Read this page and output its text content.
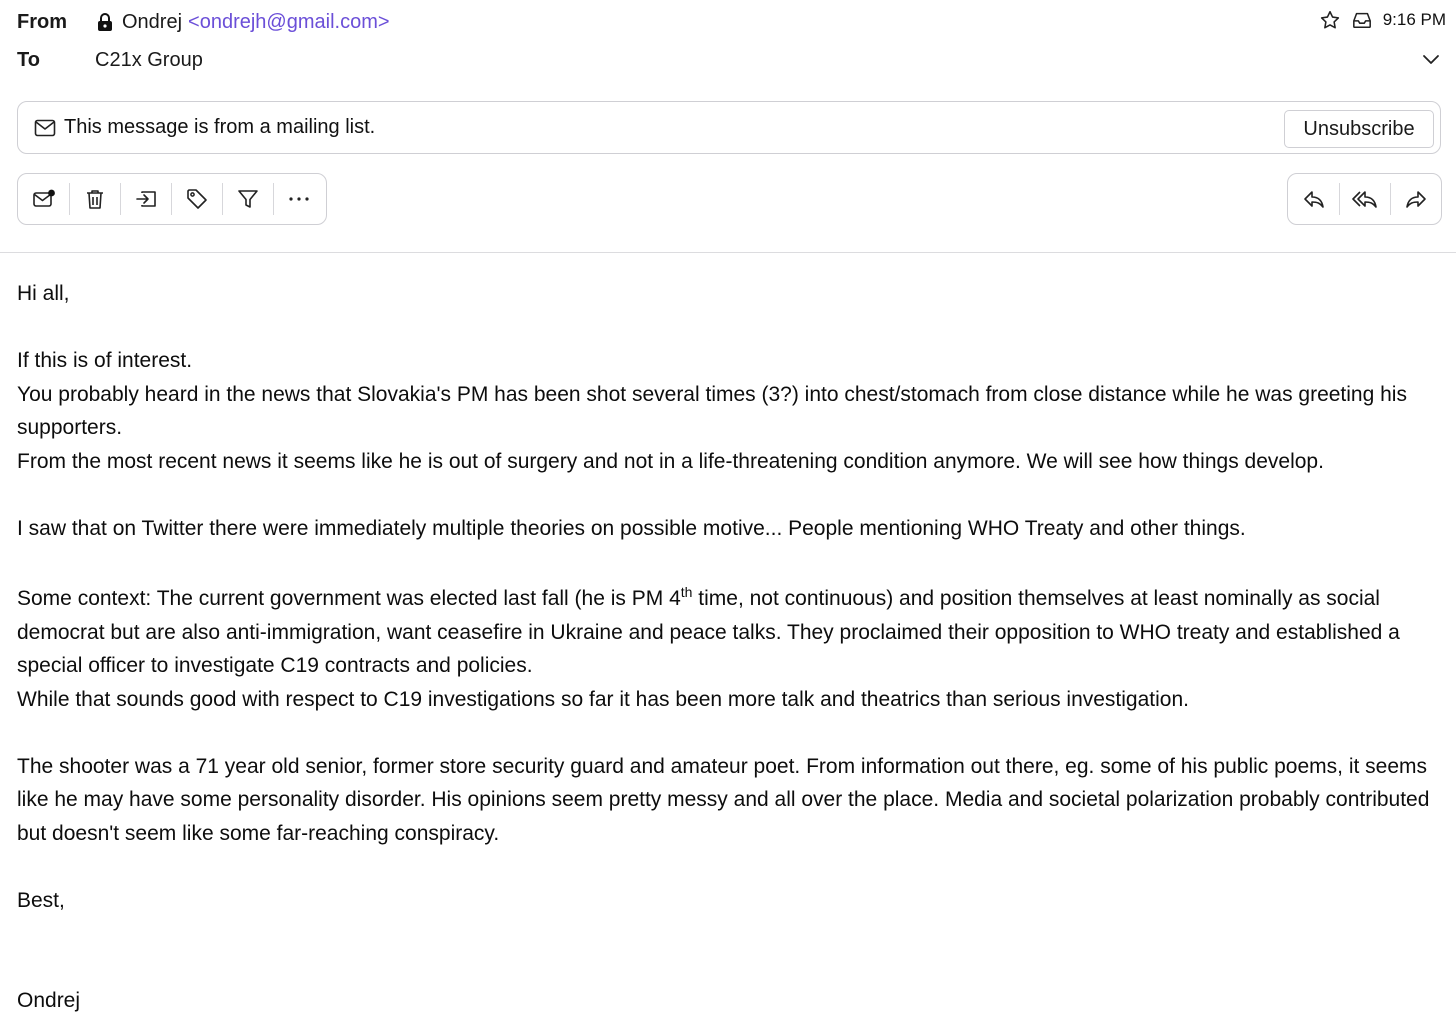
From	Ondrej <ondrejh@gmail.com>
To	C21x Group
9:16 PM
This message is from a mailing list.	Unsubscribe

Hi all,

If this is of interest.

You probably heard in the news that Slovakia's PM has been shot several times (3?) into chest/stomach from close distance while he was greeting his supporters.

From the most recent news it seems like he is out of surgery and not in a life-threatening condition anymore. We will see how things develop.

I saw that on Twitter there were immediately multiple theories on possible motive... People mentioning WHO Treaty and other things.

Some context: The current government was elected last fall (he is PM 4th time, not continuous) and position themselves at least nominally as social democrat but are also anti-immigration, want ceasefire in Ukraine and peace talks. They proclaimed their opposition to WHO treaty and established a special officer to investigate C19 contracts and policies.

While that sounds good with respect to C19 investigations so far it has been more talk and theatrics than serious investigation.

The shooter was a 71 year old senior, former store security guard and amateur poet. From information out there, eg. some of his public poems, it seems like he may have some personality disorder. His opinions seem pretty messy and all over the place. Media and societal polarization probably contributed but doesn't seem like some far-reaching conspiracy.

Best,

Ondrej
